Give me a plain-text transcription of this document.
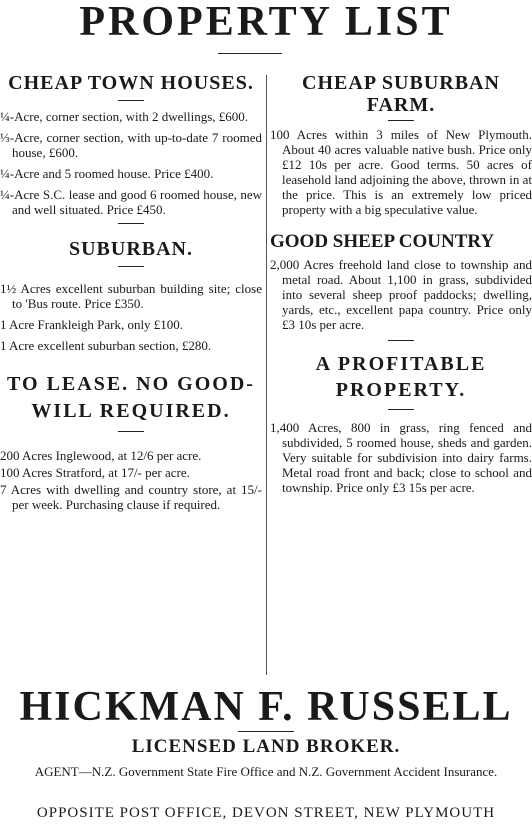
PROPERTY LIST
CHEAP TOWN HOUSES.

¼-Acre, corner section, with 2 dwellings, £600.

⅓-Acre, corner section, with up-to-date 7 roomed house, £600.

¼-Acre and 5 roomed house. Price £400.

¼-Acre S.C. lease and good 6 roomed house, new and well situated. Price £450.

SUBURBAN.

1½ Acres excellent suburban building site; close to 'Bus route. Price £350.

1 Acre Frankleigh Park, only £100.

1 Acre excellent suburban section, £280.

TO LEASE. NO GOOD-WILL REQUIRED.

200 Acres Inglewood, at 12/6 per acre.

100 Acres Stratford, at 17/- per acre.

7 Acres with dwelling and country store, at 15/- per week. Purchasing clause if required.

CHEAP SUBURBAN FARM.

100 Acres within 3 miles of New Plymouth. About 40 acres valuable native bush. Price only £12 10s per acre. Good terms. 50 acres of leasehold land adjoining the above, thrown in at the price. This is an extremely low priced property with a big speculative value.

GOOD SHEEP COUNTRY

2,000 Acres freehold land close to township and metal road. About 1,100 in grass, subdivided into several sheep proof paddocks; dwelling, yards, etc., excellent papa country. Price only £3 10s per acre.

A PROFITABLE PROPERTY.

1,400 Acres, 800 in grass, ring fenced and subdivided, 5 roomed house, sheds and garden. Very suitable for subdivision into dairy farms. Metal road front and back; close to school and township. Price only £3 15s per acre.

HICKMAN F. RUSSELL
LICENSED LAND BROKER.
AGENT—N.Z. Government State Fire Office and N.Z. Government Accident Insurance.
OPPOSITE POST OFFICE, DEVON STREET, NEW PLYMOUTH
